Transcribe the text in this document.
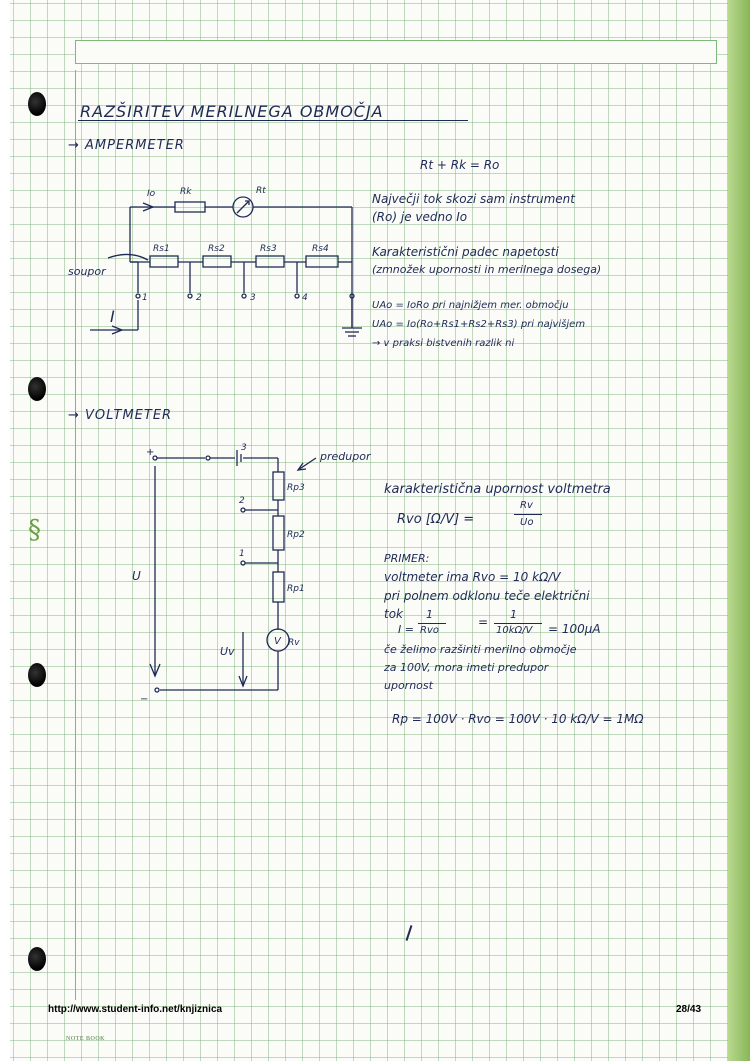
§
RAZŠIRITEV MERILNEGA OBMOČJA
→ AMPERMETER
Io	Rk	Rt
Rs1	Rs2	Rs3	Rs4
soupor
I
1	2	3	4
Rt + Rk = Ro
Največji tok skozi sam instrument
(Ro) je vedno Io
Karakteristični padec napetosti
(zmnožek upornosti in merilnega dosega)
UAo = IoRo pri najnižjem mer. območju
UAo = Io(Ro+Rs1+Rs2+Rs3) pri najvišjem
→ v praksi bistvenih razlik ni
→ VOLTMETER
+
−
predupor
Rp3
Rp2
Rp1
Rv
V
U
Uv
3
2
1
karakteristična upornost voltmetra
Rvo [Ω/V] =
Rv
Uo
PRIMER:
voltmeter ima Rvo = 10 kΩ/V
pri polnem odklonu teče električni
tok
I =
1
Rvo
=
1
10kΩ/V = 100μA
če želimo razširiti merilno območje
za 100V, mora imeti predupor
upornost
Rp = 100V · Rvo = 100V · 10 kΩ/V = 1MΩ
http://www.student-info.net/knjiznica	28/43
NOTE BOOK
